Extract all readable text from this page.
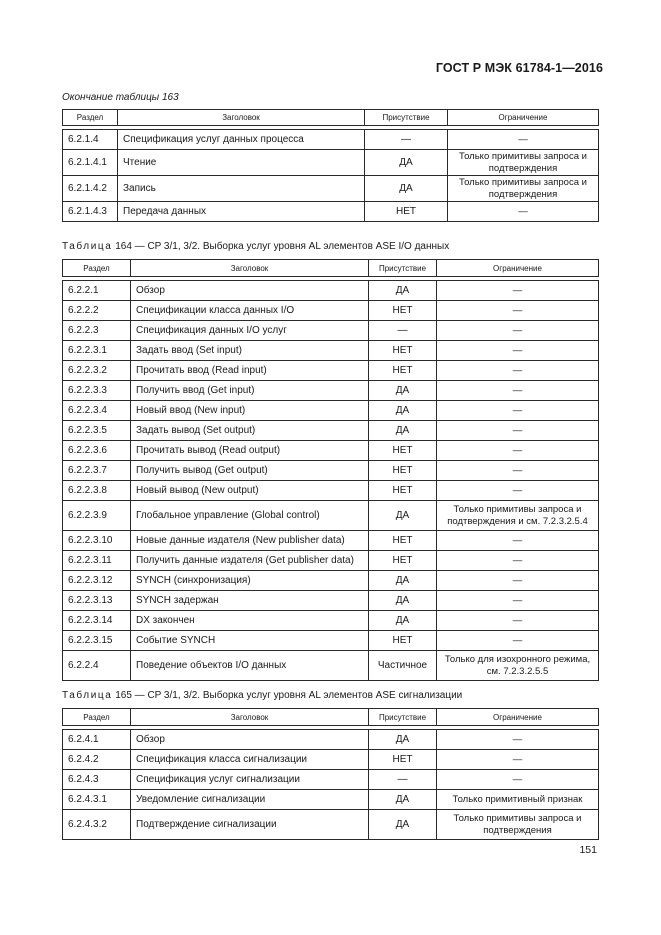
ГОСТ Р МЭК 61784-1—2016
Окончание таблицы 163
Раздел	Заголовок	Присутствие	Ограничение

6.2.1.4	Спецификация услуг данных процесса	—	—
6.2.1.4.1	Чтение	ДА	Только примитивы запроса и подтверждения
6.2.1.4.2	Запись	ДА	Только примитивы запроса и подтверждения
6.2.1.4.3	Передача данных	НЕТ	—
Таблица 164 — CP 3/1, 3/2. Выборка услуг уровня AL элементов ASE I/O данных
Раздел	Заголовок	Присутствие	Ограничение

6.2.2.1	Обзор	ДА	—
6.2.2.2	Спецификации класса данных I/O	НЕТ	—
6.2.2.3	Спецификация данных I/O услуг	—	—
6.2.2.3.1	Задать ввод (Set input)	НЕТ	—
6.2.2.3.2	Прочитать ввод (Read input)	НЕТ	—
6.2.2.3.3	Получить ввод (Get input)	ДА	—
6.2.2.3.4	Новый ввод (New input)	ДА	—
6.2.2.3.5	Задать вывод (Set output)	ДА	—
6.2.2.3.6	Прочитать вывод (Read output)	НЕТ	—
6.2.2.3.7	Получить вывод (Get output)	НЕТ	—
6.2.2.3.8	Новый вывод (New output)	НЕТ	—
6.2.2.3.9	Глобальное управление (Global control)	ДА	Только примитивы запроса и подтверждения и см. 7.2.3.2.5.4
6.2.2.3.10	Новые данные издателя (New publisher data)	НЕТ	—
6.2.2.3.11	Получить данные издателя (Get publisher data)	НЕТ	—
6.2.2.3.12	SYNCH (синхронизация)	ДА	—
6.2.2.3.13	SYNCH задержан	ДА	—
6.2.2.3.14	DX закончен	ДА	—
6.2.2.3.15	Событие SYNCH	НЕТ	—
6.2.2.4	Поведение объектов I/O данных	Частичное	Только для изохронного режима, см. 7.2.3.2.5.5
Таблица 165 — CP 3/1, 3/2. Выборка услуг уровня AL элементов ASE сигнализации
Раздел	Заголовок	Присутствие	Ограничение

6.2.4.1	Обзор	ДА	—
6.2.4.2	Спецификация класса сигнализации	НЕТ	—
6.2.4.3	Спецификация услуг сигнализации	—	—
6.2.4.3.1	Уведомление сигнализации	ДА	Только примитивный признак
6.2.4.3.2	Подтверждение сигнализации	ДА	Только примитивы запроса и подтверждения
151
